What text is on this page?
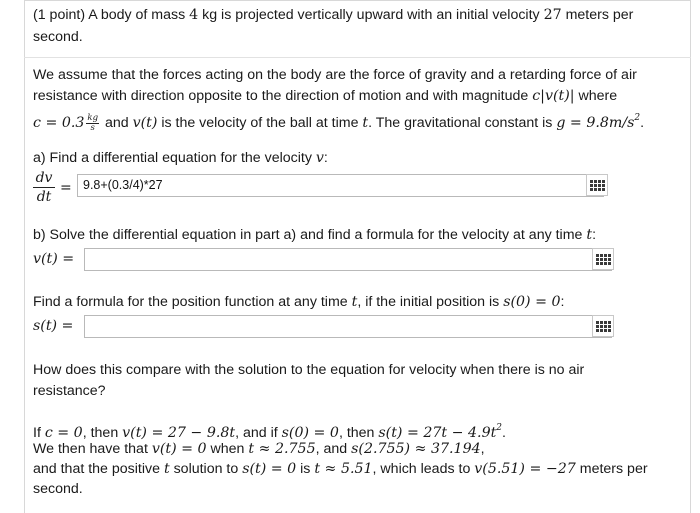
(1 point) A body of mass 4 kg is projected vertically upward with an initial velocity 27 meters per
second.
We assume that the forces acting on the body are the force of gravity and a retarding force of air
resistance with direction opposite to the direction of motion and with magnitude c|v(t)| where
$c = 0.3 \frac{kg}{s}$ and v(t) is the velocity of the ball at time t. The gravitational constant is $g = 9.8m/s^2$.
a) Find a differential equation for the velocity v:
dv
dt
= 9.8+(0.3/4)*27
b) Solve the differential equation in part a) and find a formula for the velocity at any time t:
v(t) =
Find a formula for the position function at any time t, if the initial position is s(0) = 0:
s(t) =
How does this compare with the solution to the equation for velocity when there is no air
resistance?
If c = 0, then v(t) = 27 − 9.8t, and if s(0) = 0, then $s(t) = 27t - 4.9t^2$.
We then have that v(t) = 0 when t ≈ 2.755, and s(2.755) ≈ 37.194,
and that the positive t solution to s(t) = 0 is t ≈ 5.51, which leads to v(5.51) = −27 meters per
second.
